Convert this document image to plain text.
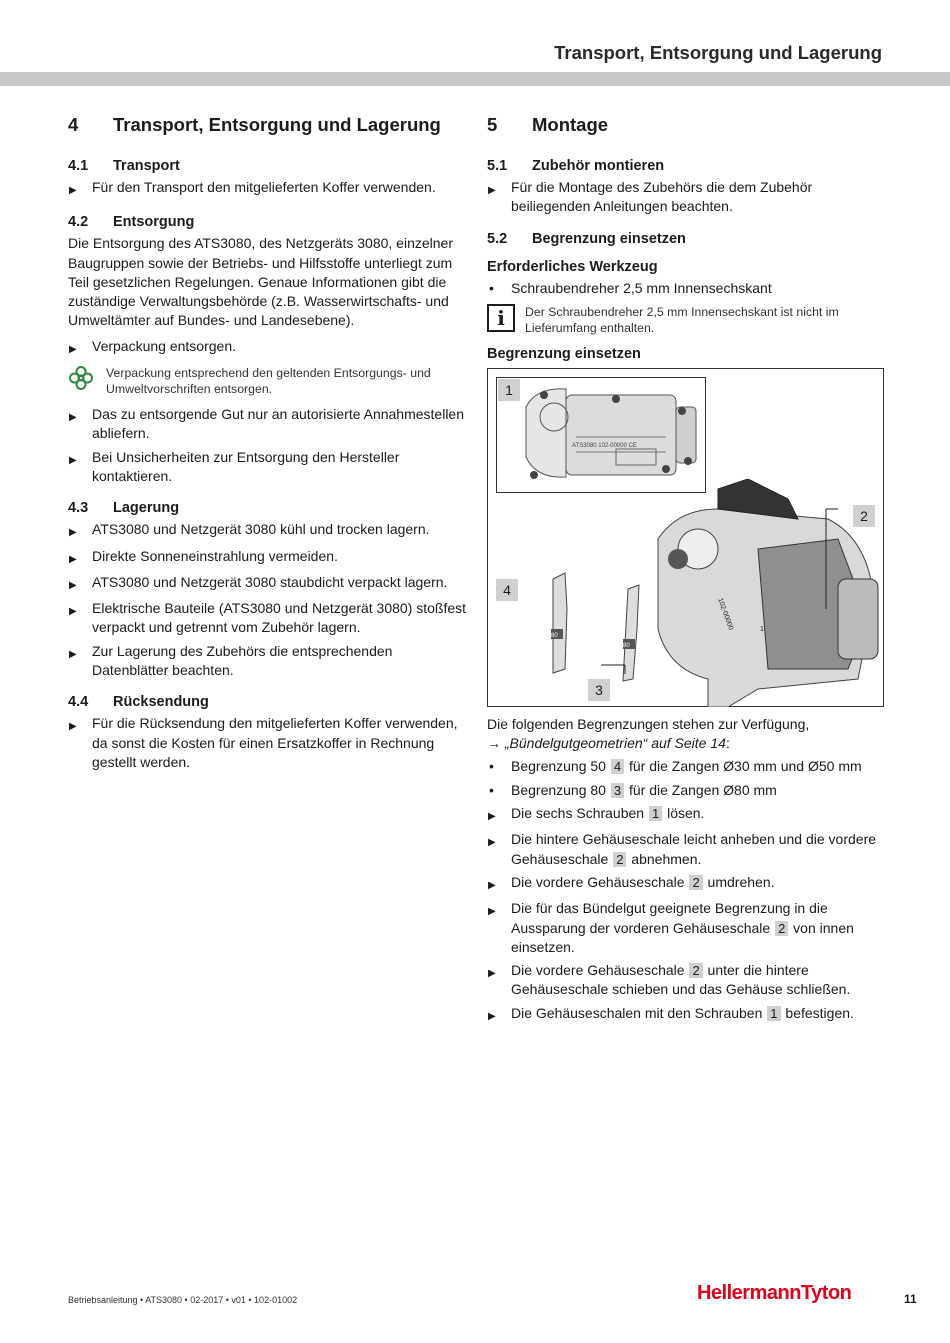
Transport, Entsorgung und Lagerung
4	Transport, Entsorgung und Lagerung
4.1	Transport
▶	Für den Transport den mitgelieferten Koffer verwenden.
4.2	Entsorgung
Die Entsorgung des ATS3080, des Netzgeräts 3080, einzelner Baugruppen sowie der Betriebs- und Hilfsstoffe unterliegt zum Teil gesetzlichen Regelungen. Genaue Informationen gibt die zuständige Verwaltungsbehörde (z.B. Wasserwirtschafts- und Umweltämter auf Bundes- und Landesebene).
▶	Verpackung entsorgen.
Verpackung entsprechend den geltenden Entsorgungs- und Umweltvorschriften entsorgen.
▶	Das zu entsorgende Gut nur an autorisierte Annahmestellen abliefern.
▶	Bei Unsicherheiten zur Entsorgung den Hersteller kontaktieren.
4.3	Lagerung
▶	ATS3080 und Netzgerät 3080 kühl und trocken lagern.
▶	Direkte Sonneneinstrahlung vermeiden.
▶	ATS3080 und Netzgerät 3080 staubdicht verpackt lagern.
▶	Elektrische Bauteile (ATS3080 und Netzgerät 3080) stoßfest verpackt und getrennt vom Zubehör lagern.
▶	Zur Lagerung des Zubehörs die entsprechenden Datenblätter beachten.
4.4	Rücksendung
▶	Für die Rücksendung den mitgelieferten Koffer verwenden, da sonst die Kosten für einen Ersatzkoffer in Rechnung gestellt werden.
5	Montage
5.1	Zubehör montieren
▶	Für die Montage des Zubehörs die dem Zubehör beiliegenden Anleitungen beachten.
5.2	Begrenzung einsetzen
Erforderliches Werkzeug
•	Schraubendreher 2,5 mm Innensechskant
i	Der Schraubendreher 2,5 mm Innensechskant ist nicht im Lieferumfang enthalten.
Begrenzung einsetzen
ATS3080 102-00000 CE
102-00000	1
80
80
1
2
3
4
Die folgenden Begrenzungen stehen zur Verfügung,
→ „Bündelgutgeometrien“ auf Seite 14:
•	Begrenzung 50 4 für die Zangen Ø30 mm und Ø50 mm
•	Begrenzung 80 3 für die Zangen Ø80 mm
▶	Die sechs Schrauben 1 lösen.
▶	Die hintere Gehäuseschale leicht anheben und die vordere Gehäuseschale 2 abnehmen.
▶	Die vordere Gehäuseschale 2 umdrehen.
▶	Die für das Bündelgut geeignete Begrenzung in die Aussparung der vorderen Gehäuseschale 2 von innen einsetzen.
▶	Die vordere Gehäuseschale 2 unter die hintere Gehäuseschale schieben und das Gehäuse schließen.
▶	Die Gehäuseschalen mit den Schrauben 1 befestigen.
Betriebsanleitung • ATS3080 • 02-2017 • v01 • 102-01002	HellermannTyton	11
